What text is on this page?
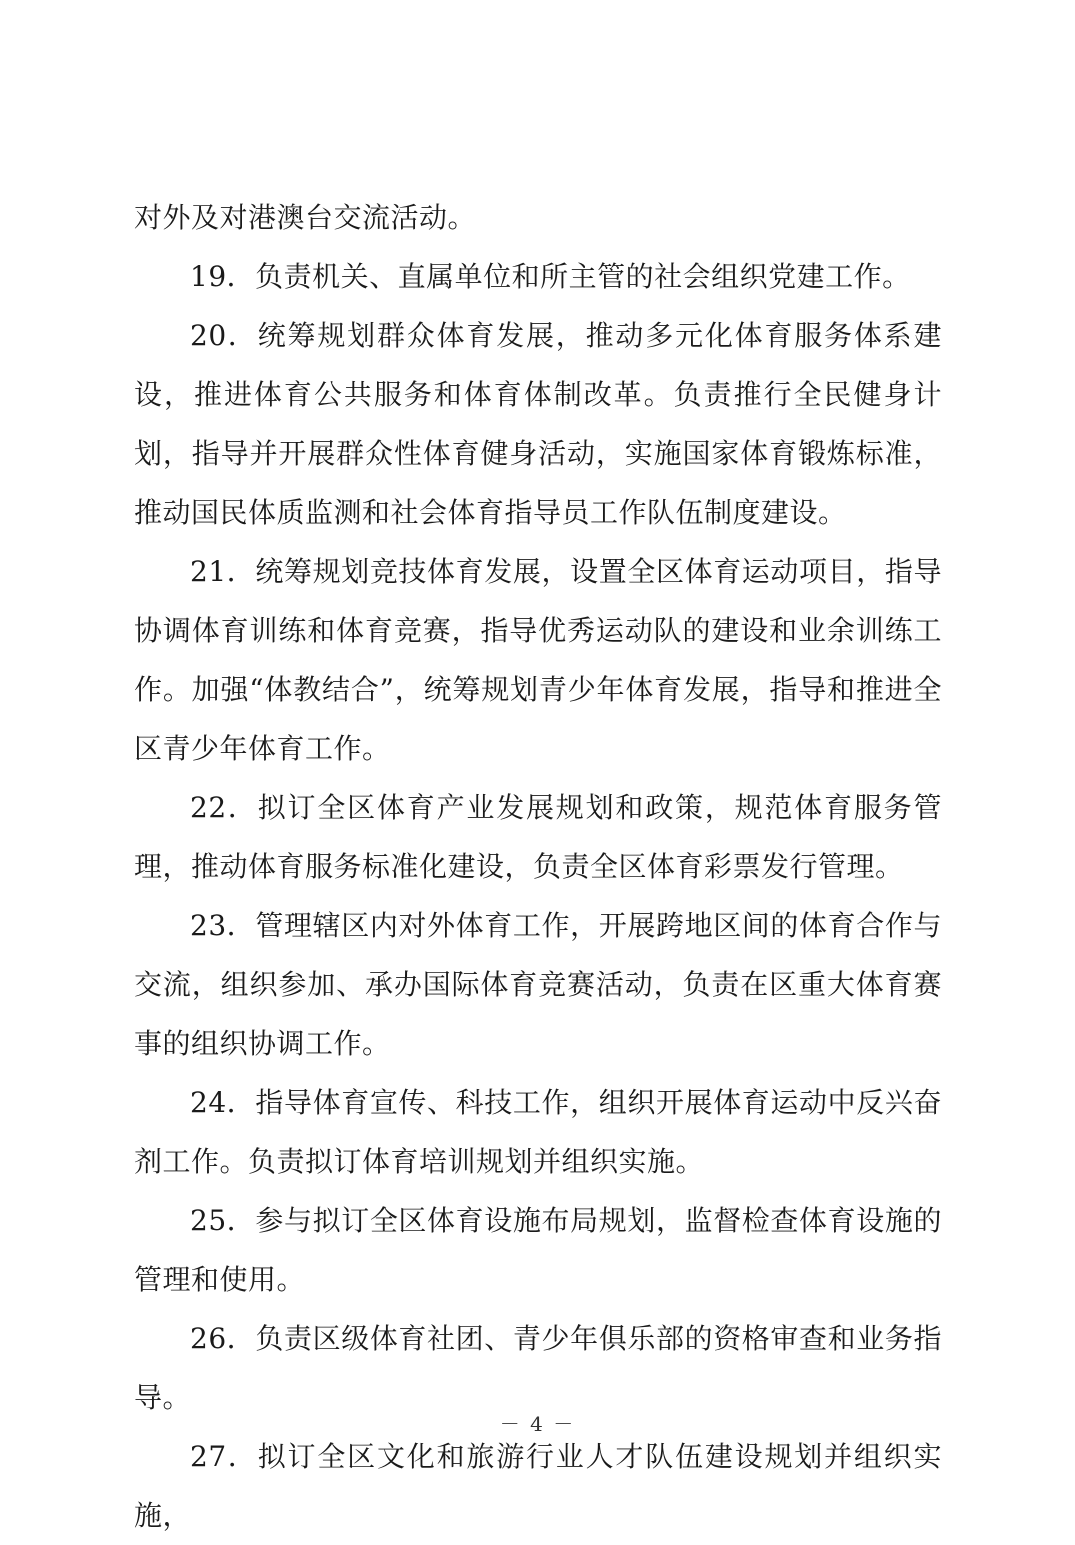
对外及对港澳台交流活动。

19．负责机关、直属单位和所主管的社会组织党建工作。

20．统筹规划群众体育发展，推动多元化体育服务体系建设，推进体育公共服务和体育体制改革。负责推行全民健身计划，指导并开展群众性体育健身活动，实施国家体育锻炼标准，推动国民体质监测和社会体育指导员工作队伍制度建设。

21．统筹规划竞技体育发展，设置全区体育运动项目，指导协调体育训练和体育竞赛，指导优秀运动队的建设和业余训练工作。加强“体教结合”，统筹规划青少年体育发展，指导和推进全区青少年体育工作。

22．拟订全区体育产业发展规划和政策，规范体育服务管理，推动体育服务标准化建设，负责全区体育彩票发行管理。

23．管理辖区内对外体育工作，开展跨地区间的体育合作与交流，组织参加、承办国际体育竞赛活动，负责在区重大体育赛事的组织协调工作。

24．指导体育宣传、科技工作，组织开展体育运动中反兴奋剂工作。负责拟订体育培训规划并组织实施。

25．参与拟订全区体育设施布局规划，监督检查体育设施的管理和使用。

26．负责区级体育社团、青少年俱乐部的资格审查和业务指导。

27．拟订全区文化和旅游行业人才队伍建设规划并组织实施，

－ 4 －
